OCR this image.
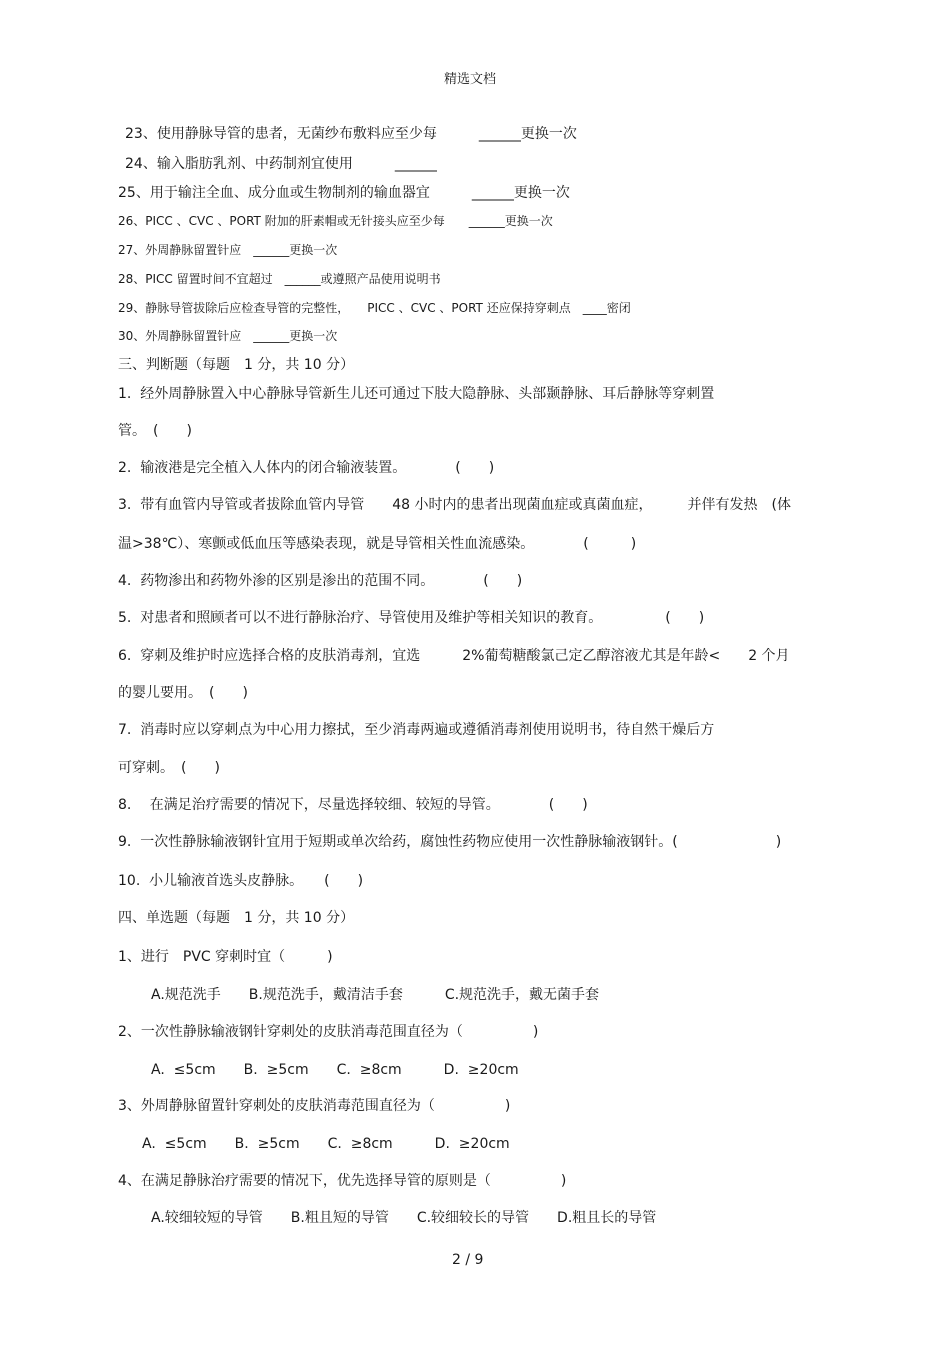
精选文档
23、使用静脉导管的患者，无菌纱布敷料应至少每　　　______更换一次
24、输入脂肪乳剂、中药制剂宜使用　　　______
25、用于输注全血、成分血或生物制剂的输血器宜　　　______更换一次
26、PICC 、CVC 、PORT 附加的肝素帽或无针接头应至少每　　______更换一次
27、外周静脉留置针应　______更换一次
28、PICC 留置时间不宜超过　______或遵照产品使用说明书
29、静脉导管拔除后应检查导管的完整性，　　PICC 、CVC 、PORT 还应保持穿刺点　____密闭
30、外周静脉留置针应　______更换一次
三、判断题（每题　1 分，共 10 分）
1.  经外周静脉置入中心静脉导管新生儿还可通过下肢大隐静脉、头部颞静脉、耳后静脉等穿刺置
管。　(　　)
2.  输液港是完全植入人体内的闭合输液装置。　　　　(　　)
3.  带有血管内导管或者拔除血管内导管　　48 小时内的患者出现菌血症或真菌血症，　　　并伴有发热　(体
温>38℃）、寒颤或低血压等感染表现，就是导管相关性血流感染。　　　　(　　　)
4.  药物渗出和药物外渗的区别是渗出的范围不同。　　　　(　　)
5.  对患者和照顾者可以不进行静脉治疗、导管使用及维护等相关知识的教育。　　　　　(　　)
6.  穿刺及维护时应选择合格的皮肤消毒剂，宜选　　　2%葡萄糖酸氯己定乙醇溶液尤其是年龄<　　2 个月
的婴儿要用。　(　　)
7.  消毒时应以穿刺点为中心用力擦拭，至少消毒两遍或遵循消毒剂使用说明书，待自然干燥后方
可穿刺。　(　　)
8.　 在满足治疗需要的情况下，尽量选择较细、较短的导管。　　　　(　　)
9.  一次性静脉输液钢针宜用于短期或单次给药，腐蚀性药物应使用一次性静脉输液钢针。(　　　　　　　)
10.  小儿输液首选头皮静脉。　　(　　)
四、单选题（每题　1 分，共 10 分）
1、进行　PVC 穿刺时宜（　　　)
A.规范洗手　　B.规范洗手，戴清洁手套　　　C.规范洗手，戴无菌手套
2、一次性静脉输液钢针穿刺处的皮肤消毒范围直径为（　　　　　)
A.  ≤5cm　　B.  ≥5cm　　C.  ≥8cm　　　D.  ≥20cm
3、外周静脉留置针穿刺处的皮肤消毒范围直径为（　　　　　)
A.  ≤5cm　　B.  ≥5cm　　C.  ≥8cm　　　D.  ≥20cm
4、在满足静脉治疗需要的情况下，优先选择导管的原则是（　　　　　)
A.较细较短的导管　　B.粗且短的导管　　C.较细较长的导管　　D.粗且长的导管
2 / 9
